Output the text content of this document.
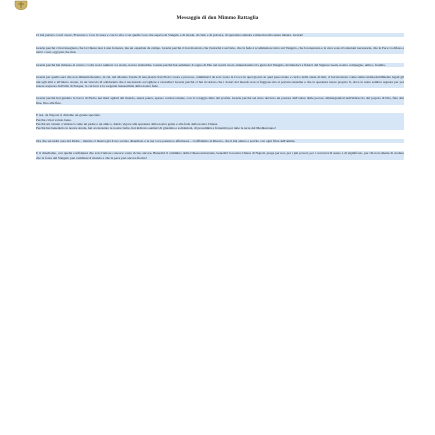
Messaggio di don Mimmo Battaglia

Ci hai parlato con il cuore, Francesco. Con il cuore e con la vita. Con quella voce che sapeva di Vangelo e di strada, di cielo e di polvere, di speranza ostinata e misericordia senza misura. Grazie!

Grazie perché ci hai insegnato che la Chiesa non è una fortezza, ma un ospedale da campo. Grazie perché ci hai mostrato che l'autorità è servizio, che la fede è scommettere tutto sul Vangelo, che la tenerezza e la cura sono rivoluzioni necessarie, che la Pace va difesa a tutti i costi, oggi più che mai.

Grazie perché hai rimesso al centro i volti, non i numeri. Le storie, non le statistiche. Grazie perché hai seminato il sogno di Dio nei nostri cuori, annunciandoci la gioia del Vangelo, invitandoci a fidarci del Signore Gesù, nostro compagno, amico, fratello.

Grazie per quella sera che non dimenticheremo, in cui, nel silenzio irreale di una piazza San Pietro vuota e piovosa, camminavi da solo verso la Croce in quei giorni, in quel passo lento e carico delle ansie di tutti, ci hai mostrato come siamo indissolubilmente legati gli uni agli altri e all'intero creato, in un vincolo di solidarietà che è necessario accogliere e custodire! Grazie perché ci hai ricordato che i dolori del mondo non si fuggono ma si portano insieme e che la speranza nasce proprio lì, dove la notte sembra regnare per poi essere sorpresa dall'alba di Pasqua, la cui luce è la sorgente inesauribile della nostra fede.

Grazie perché hai guidato la barca di Pietro nei mari agitati del mondo, senza paura, spesso controcorrente, con il coraggio mite dei profeti. Grazie perché sei stato davvero un pastore dall'odore delle pecore, immergendoti nell'abbraccio del popolo di Dio, fino alla fine, fino alla fine.

E noi, da Napoli, ti diciamo un grazie speciale.

Perché ci hai voluto bene.

Perché sei venuto a visitarci come un padre e un amico, dando vigore alla speranza della nostra gente e alla fede della nostra Chiesa.

Perché hai benedetto le nostre strade, hai accarezzato le nostre ferite, hai indicato sentieri di giustizia e solidarietà, di prossimità e fraternità per tutte le terre del Mediterraneo!

Ora che sei nella casa del Padre – mentre ci manca già il tuo sorriso disarmato e la tua voce paterna e affettuosa – ti affidiamo al Risorto, che ti hai amato e servito con ogni fibra dell'anima.

E ti chiediamo, con quella confidenza che solo l'amore conosce: resta vicino ancora. Benedici il cammino della Chiesa universale, benedici la nostra Chiesa di Napoli, prega per noi, per i più poveri, per i cercatori di senso e di significato, per chi non smette di credere che la forza del Vangelo può cambiare il mondo e che la pace può ancora fiorire!
